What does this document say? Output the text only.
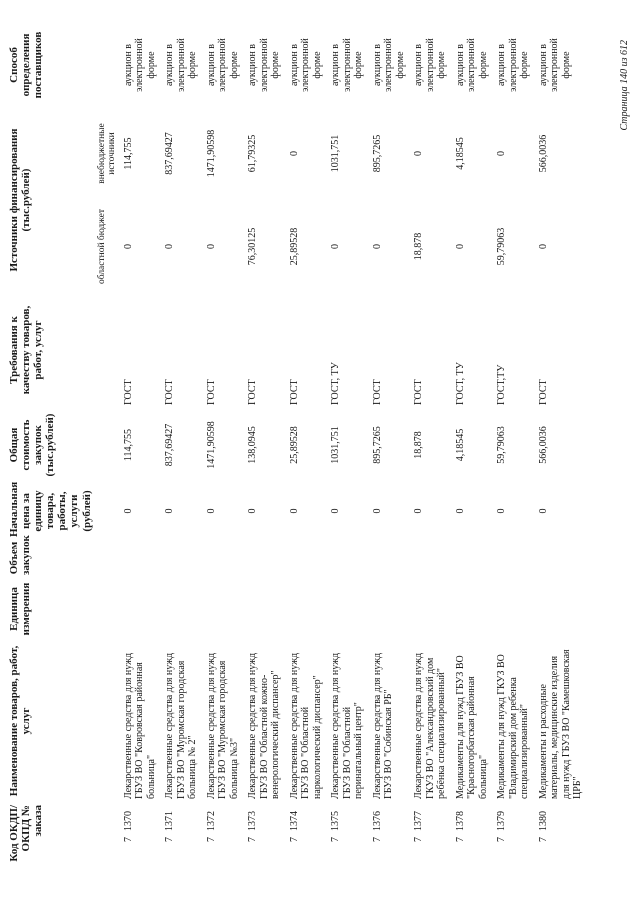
Код ОКДП/ ОКПД № заказа		Наименование товаров, работ, услуг	Единица измерения	Объем закупок	Начальная цена за единицу товара, работы, услуги (рублей)	Общая стоимость закупок (тыс.рублей)	Требования к качеству товаров, работ, услуг	Источники финансирования (тыс.рублей)		Способ определения поставщиков
								областной бюджет	внебюджетные источники	
7	1370	Лекарственные средства для нужд ГБУЗ ВО "Ковровская районная больница"			0	114,755	ГОСТ	0	114,755	аукцион в электронной форме
7	1371	Лекарственные средства для нужд ГБУЗ ВО "Муромская городская больница № 2"			0	837,69427	ГОСТ	0	837,69427	аукцион в электронной форме
7	1372	Лекарственные средства для нужд ГБУЗ ВО "Муромская городская больница №3"			0	1471,90598	ГОСТ	0	1471,90598	аукцион в электронной форме
7	1373	Лекарственные средства для нужд ГБУЗ ВО "Областной кожно-венерологический диспансер"			0	138,0945	ГОСТ	76,30125	61,79325	аукцион в электронной форме
7	1374	Лекарственные средства для нужд ГБУЗ ВО "Областной наркологический диспансер"			0	25,89528	ГОСТ	25,89528	0	аукцион в электронной форме
7	1375	Лекарственные средства для нужд ГБУЗ ВО "Областной перинатальный центр"			0	1031,751	ГОСТ, ТУ	0	1031,751	аукцион в электронной форме
7	1376	Лекарственные средства для нужд ГБУЗ ВО "Собинская РБ"			0	895,7265	ГОСТ	0	895,7265	аукцион в электронной форме
7	1377	Лекарственные средства для нужд ГКУЗ ВО "Александровский дом ребёнка специализированный"			0	18,878	ГОСТ	18,878	0	аукцион в электронной форме
7	1378	Медикаменты для нужд ГБУЗ ВО "Красногорбатская районная больница"			0	4,18545	ГОСТ, ТУ	0	4,18545	аукцион в электронной форме
7	1379	Медикаменты для нужд ГКУЗ ВО "Владимирский дом ребенка специализированный"			0	59,79063	ГОСТ,ТУ	59,79063	0	аукцион в электронной форме
7	1380	Медикаменты и расходные материалы, медицинские изделия для нужд ГБУЗ ВО "Камешковская ЦРБ"			0	566,0036	ГОСТ	0	566,0036	аукцион в электронной форме	Страница 140 из 612
